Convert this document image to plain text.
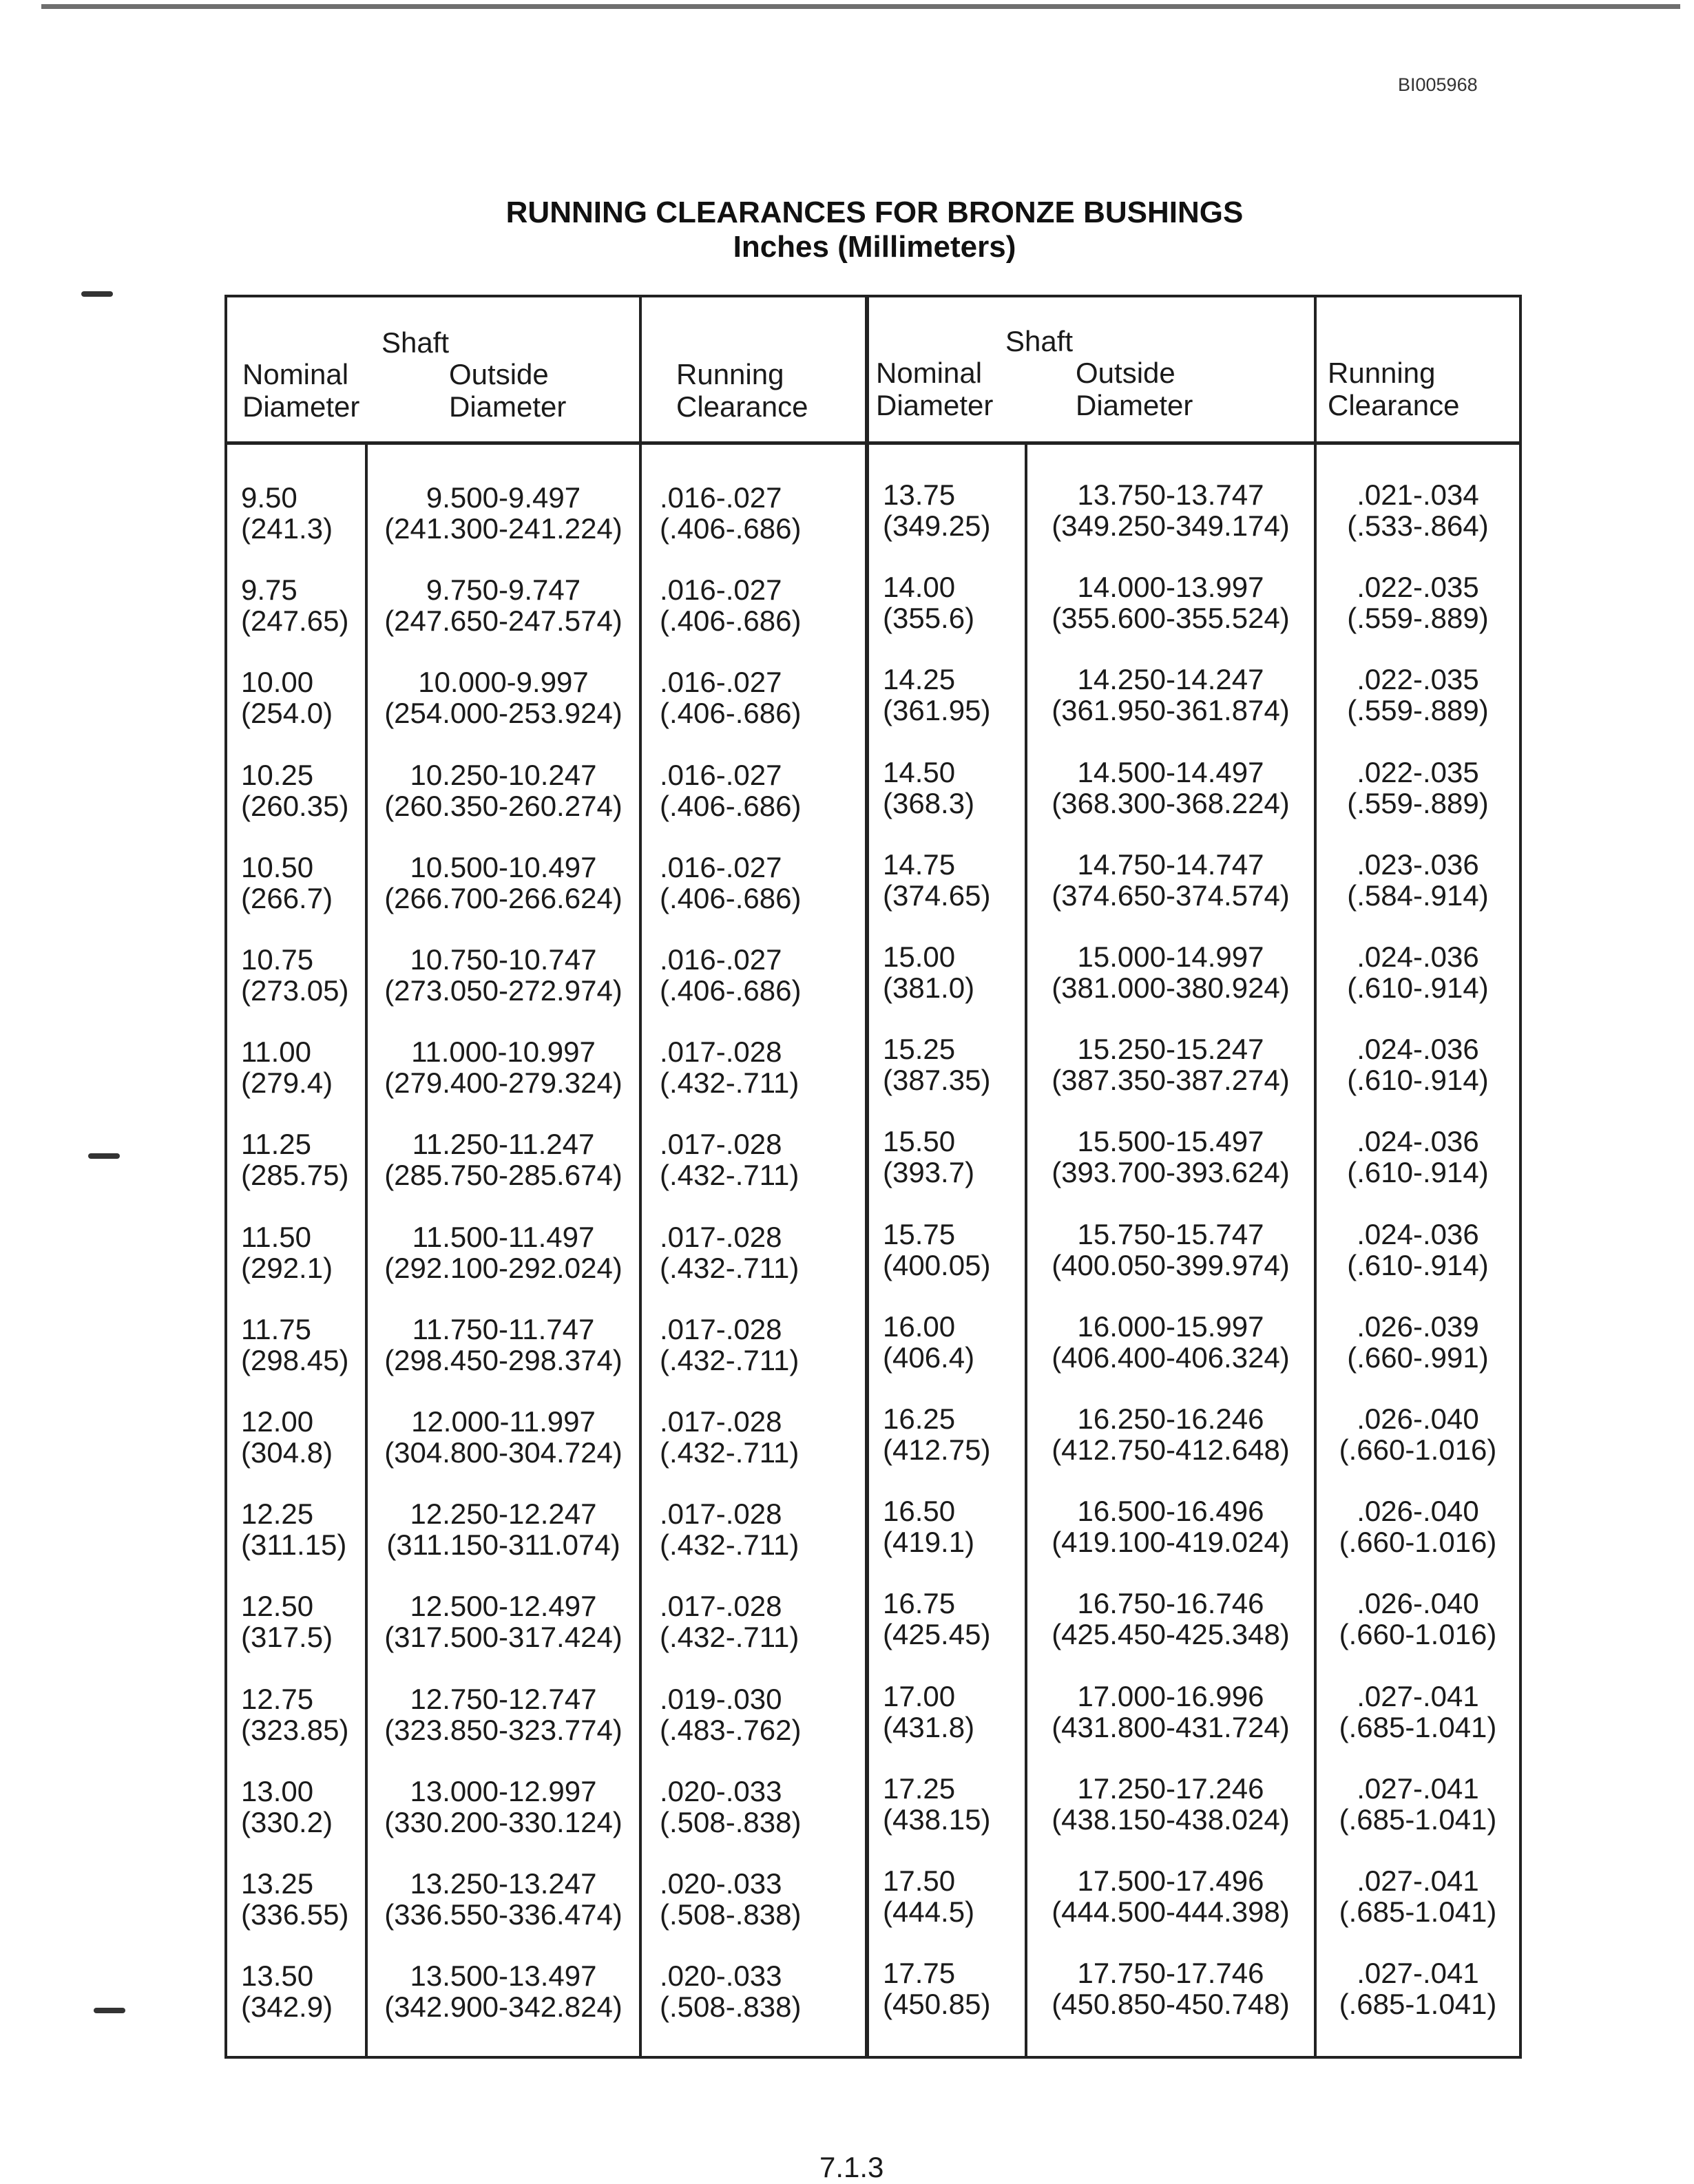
BI005968
RUNNING CLEARANCES FOR BRONZE BUSHINGS
Inches (Millimeters)
Shaft
Nominal
Diameter
Outside
Diameter
Running
Clearance
Shaft
Nominal
Diameter
Outside
Diameter
Running
Clearance
9.50
(241.3)
9.500-9.497
(241.300-241.224)
.016-.027
(.406-.686)
9.75
(247.65)
9.750-9.747
(247.650-247.574)
.016-.027
(.406-.686)
10.00
(254.0)
10.000-9.997
(254.000-253.924)
.016-.027
(.406-.686)
10.25
(260.35)
10.250-10.247
(260.350-260.274)
.016-.027
(.406-.686)
10.50
(266.7)
10.500-10.497
(266.700-266.624)
.016-.027
(.406-.686)
10.75
(273.05)
10.750-10.747
(273.050-272.974)
.016-.027
(.406-.686)
11.00
(279.4)
11.000-10.997
(279.400-279.324)
.017-.028
(.432-.711)
11.25
(285.75)
11.250-11.247
(285.750-285.674)
.017-.028
(.432-.711)
11.50
(292.1)
11.500-11.497
(292.100-292.024)
.017-.028
(.432-.711)
11.75
(298.45)
11.750-11.747
(298.450-298.374)
.017-.028
(.432-.711)
12.00
(304.8)
12.000-11.997
(304.800-304.724)
.017-.028
(.432-.711)
12.25
(311.15)
12.250-12.247
(311.150-311.074)
.017-.028
(.432-.711)
12.50
(317.5)
12.500-12.497
(317.500-317.424)
.017-.028
(.432-.711)
12.75
(323.85)
12.750-12.747
(323.850-323.774)
.019-.030
(.483-.762)
13.00
(330.2)
13.000-12.997
(330.200-330.124)
.020-.033
(.508-.838)
13.25
(336.55)
13.250-13.247
(336.550-336.474)
.020-.033
(.508-.838)
13.50
(342.9)
13.500-13.497
(342.900-342.824)
.020-.033
(.508-.838)
13.75
(349.25)
13.750-13.747
(349.250-349.174)
.021-.034
(.533-.864)
14.00
(355.6)
14.000-13.997
(355.600-355.524)
.022-.035
(.559-.889)
14.25
(361.95)
14.250-14.247
(361.950-361.874)
.022-.035
(.559-.889)
14.50
(368.3)
14.500-14.497
(368.300-368.224)
.022-.035
(.559-.889)
14.75
(374.65)
14.750-14.747
(374.650-374.574)
.023-.036
(.584-.914)
15.00
(381.0)
15.000-14.997
(381.000-380.924)
.024-.036
(.610-.914)
15.25
(387.35)
15.250-15.247
(387.350-387.274)
.024-.036
(.610-.914)
15.50
(393.7)
15.500-15.497
(393.700-393.624)
.024-.036
(.610-.914)
15.75
(400.05)
15.750-15.747
(400.050-399.974)
.024-.036
(.610-.914)
16.00
(406.4)
16.000-15.997
(406.400-406.324)
.026-.039
(.660-.991)
16.25
(412.75)
16.250-16.246
(412.750-412.648)
.026-.040
(.660-1.016)
16.50
(419.1)
16.500-16.496
(419.100-419.024)
.026-.040
(.660-1.016)
16.75
(425.45)
16.750-16.746
(425.450-425.348)
.026-.040
(.660-1.016)
17.00
(431.8)
17.000-16.996
(431.800-431.724)
.027-.041
(.685-1.041)
17.25
(438.15)
17.250-17.246
(438.150-438.024)
.027-.041
(.685-1.041)
17.50
(444.5)
17.500-17.496
(444.500-444.398)
.027-.041
(.685-1.041)
17.75
(450.85)
17.750-17.746
(450.850-450.748)
.027-.041
(.685-1.041)
7.1.3
